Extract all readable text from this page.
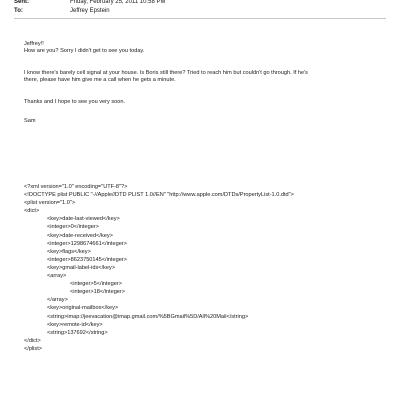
Sent:	Friday, February 25, 2011 10:58 PM
To:	Jeffrey Epstein

Jeffrey!!

How are you? Sorry I didn't get to see you today.

I know there's barely cell signal at your house. Is Boris still there? Tried to reach him but couldn't go through. If he's

there, please have him give me a call when he gets a minute.

Thanks and I hope to see you very soon.

Sam

<?xml version="1.0" encoding="UTF-8"?>
<!DOCTYPE plist PUBLIC "-//Apple//DTD PLIST 1.0//EN" "http://www.apple.com/DTDs/PropertyList-1.0.dtd">
<plist version="1.0">
<dict>
<key>date-last-viewed</key>
<integer>0</integer>
<key>date-received</key>
<integer>1298674661</integer>
<key>flags</key>
<integer>8623750145</integer>
<key>gmail-label-ids</key>
<array>
<integer>5</integer>
<integer>18</integer>
</array>
<key>original-mailbox</key>
<string>imap://jeevacation@imap.gmail.com/%5BGmail%5D/All%20Mail</string>
<key>remote-id</key>
<string>137692</string>
</dict>
</plist>
